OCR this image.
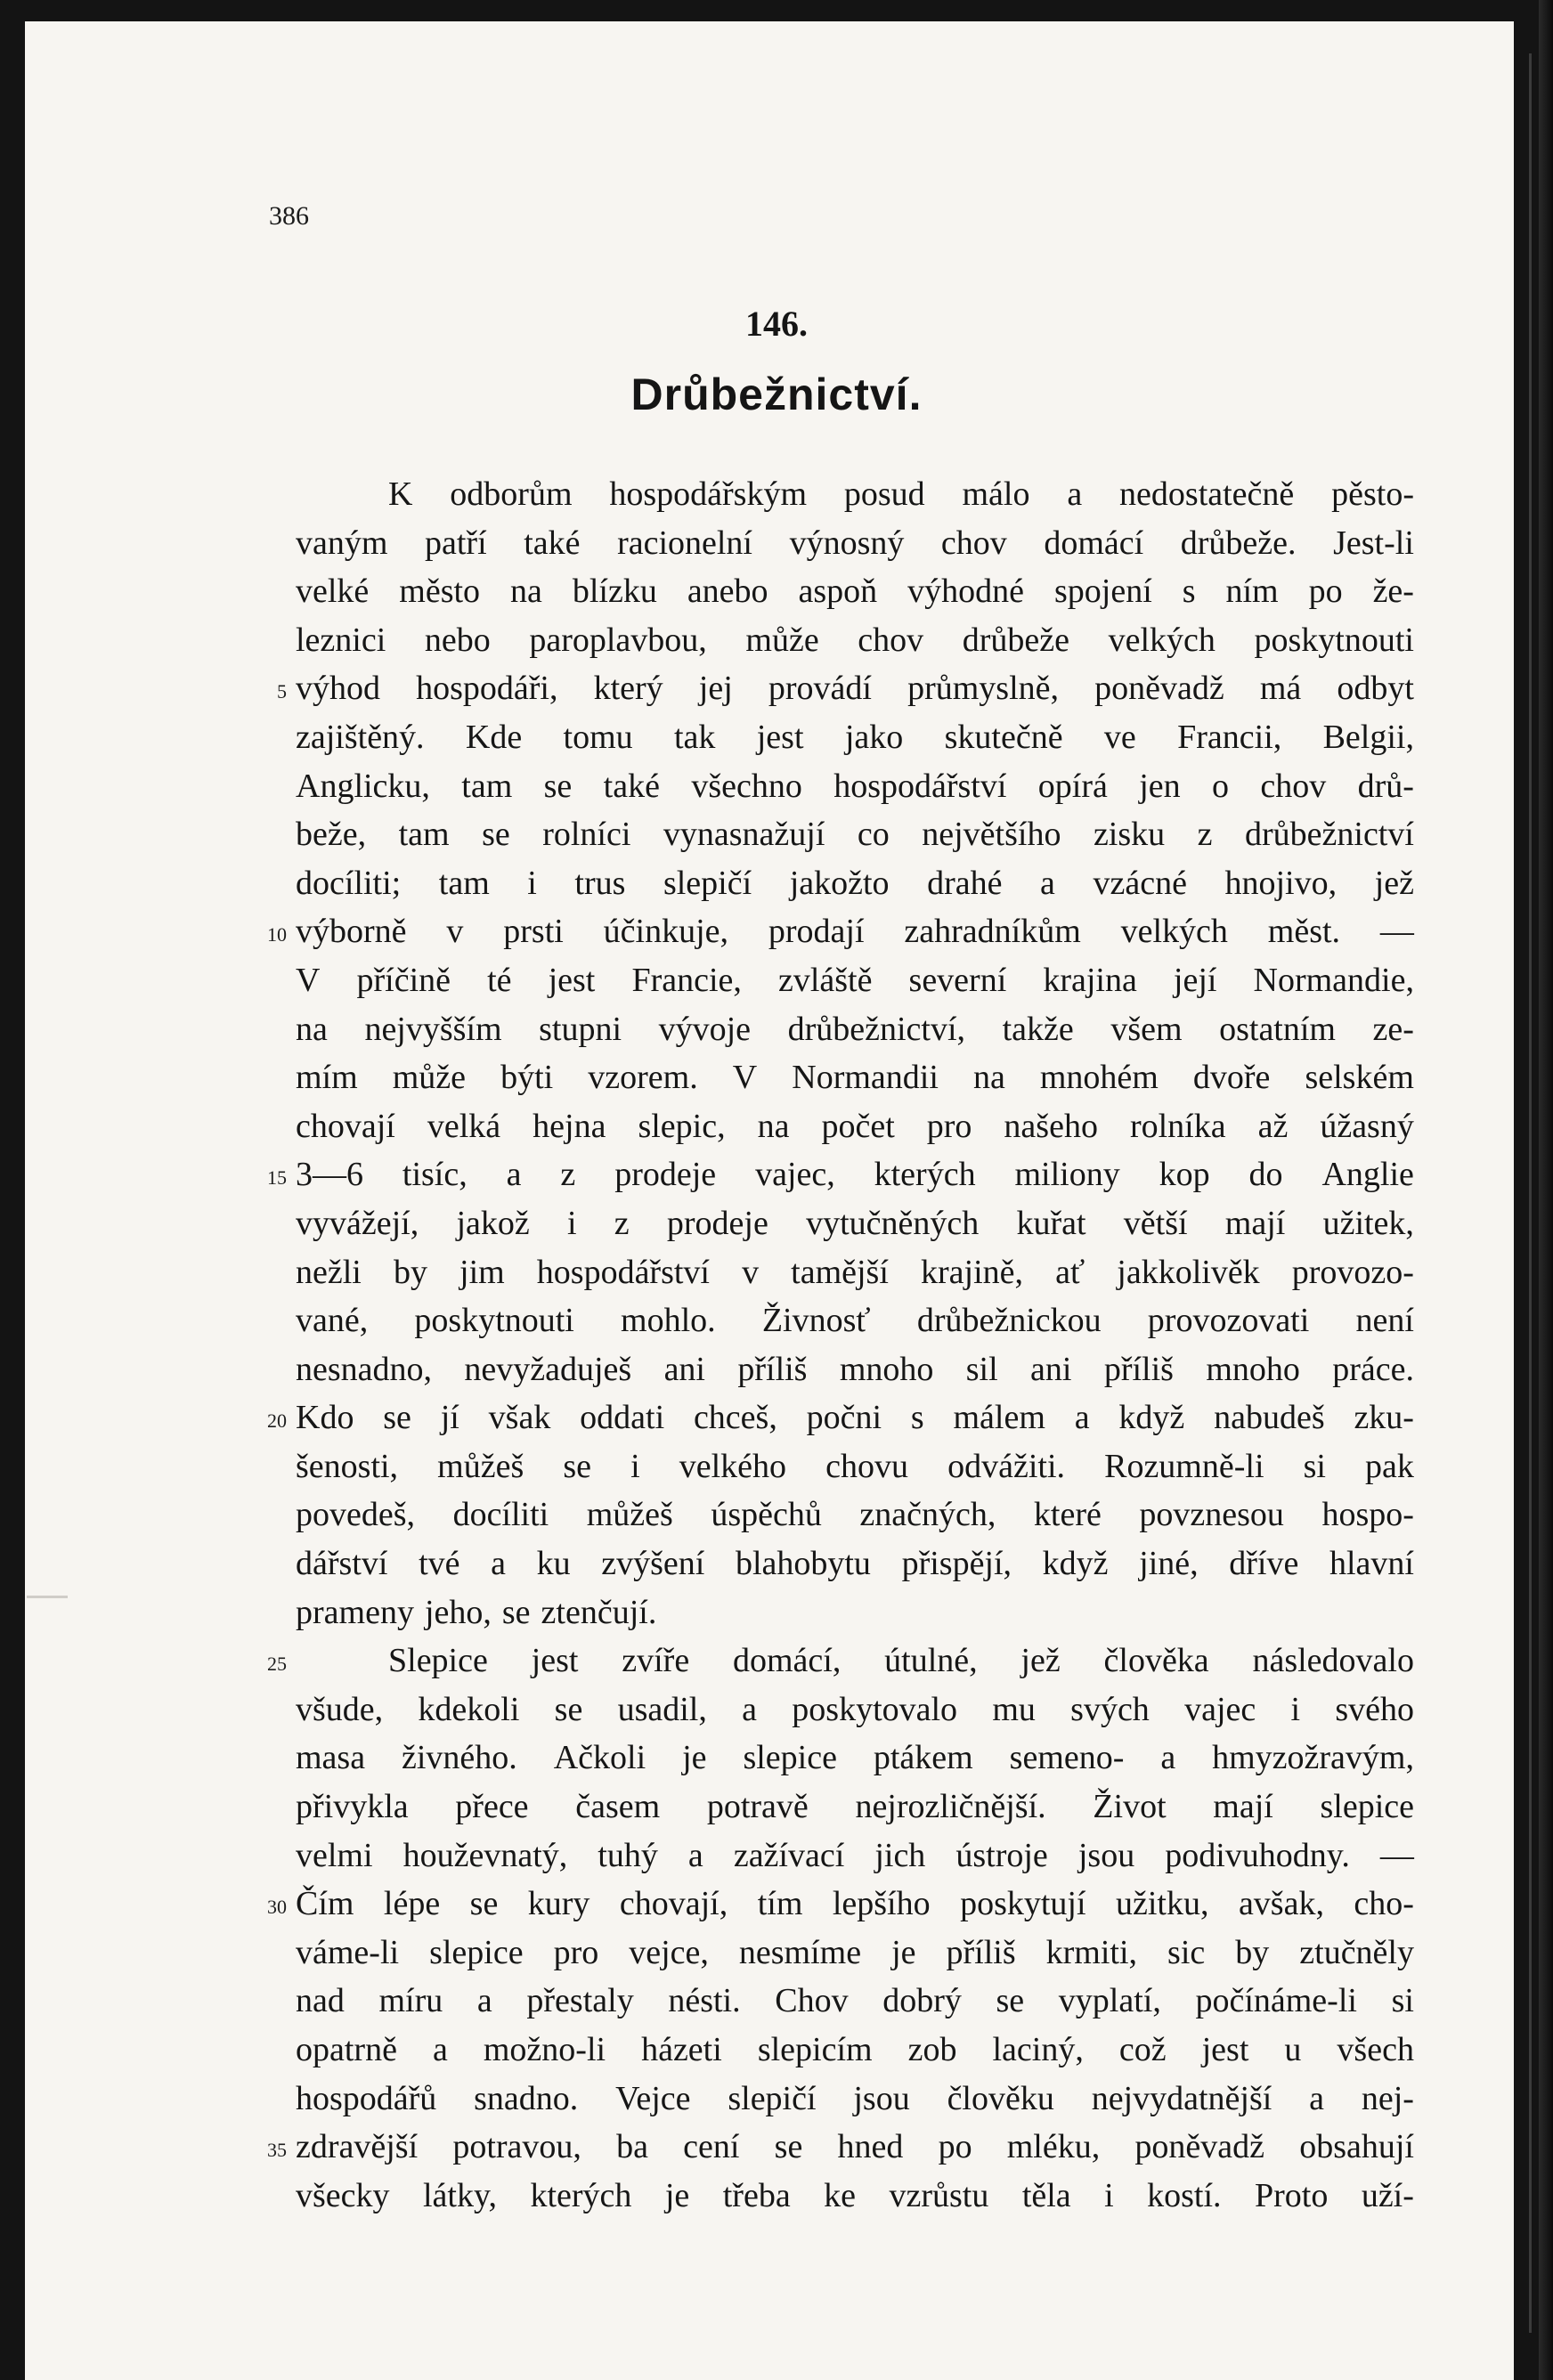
386

146.
Drůbežnictví.
K odborům hospodářským posud málo a nedostatečně pěsto-
vaným patří také racionelní výnosný chov domácí drůbeže. Jest-li
velké město na blízku anebo aspoň výhodné spojení s ním po že-
leznici nebo paroplavbou, může chov drůbeže velkých poskytnouti
výhod hospodáři, který jej provádí průmyslně, poněvadž má odbyt
5
zajištěný. Kde tomu tak jest jako skutečně ve Francii, Belgii,
Anglicku, tam se také všechno hospodářství opírá jen o chov drů-
beže, tam se rolníci vynasnažují co největšího zisku z drůbežnictví
docíliti; tam i trus slepičí jakožto drahé a vzácné hnojivo, jež
výborně v prsti účinkuje, prodají zahradníkům velkých měst. —
10
V příčině té jest Francie, zvláště severní krajina její Normandie,
na nejvyšším stupni vývoje drůbežnictví, takže všem ostatním ze-
mím může býti vzorem. V Normandii na mnohém dvoře selském
chovají velká hejna slepic, na počet pro našeho rolníka až úžasný
3—6 tisíc, a z prodeje vajec, kterých miliony kop do Anglie
15
vyvážejí, jakož i z prodeje vytučněných kuřat větší mají užitek,
nežli by jim hospodářství v tamější krajině, ať jakkolivěk provozo-
vané, poskytnouti mohlo. Živnosť drůbežnickou provozovati není
nesnadno, nevyžaduješ ani příliš mnoho sil ani příliš mnoho práce.
Kdo se jí však oddati chceš, počni s málem a když nabudeš zku-
20
šenosti, můžeš se i velkého chovu odvážiti. Rozumně-li si pak
povedeš, docíliti můžeš úspěchů značných, které povznesou hospo-
dářství tvé a ku zvýšení blahobytu přispějí, když jiné, dříve hlavní
prameny jeho, se ztenčují.
Slepice jest zvíře domácí, útulné, jež člověka následovalo
25
všude, kdekoli se usadil, a poskytovalo mu svých vajec i svého
masa živného. Ačkoli je slepice ptákem semeno- a hmyzožravým,
přivykla přece časem potravě nejrozličnější. Život mají slepice
velmi houževnatý, tuhý a zažívací jich ústroje jsou podivuhodny. —
Čím lépe se kury chovají, tím lepšího poskytují užitku, avšak, cho-
30
váme-li slepice pro vejce, nesmíme je příliš krmiti, sic by ztučněly
nad míru a přestaly nésti. Chov dobrý se vyplatí, počínáme-li si
opatrně a možno-li házeti slepicím zob laciný, což jest u všech
hospodářů snadno. Vejce slepičí jsou člověku nejvydatnější a nej-
zdravější potravou, ba cení se hned po mléku, poněvadž obsahují
35
všecky látky, kterých je třeba ke vzrůstu těla i kostí. Proto uží-
